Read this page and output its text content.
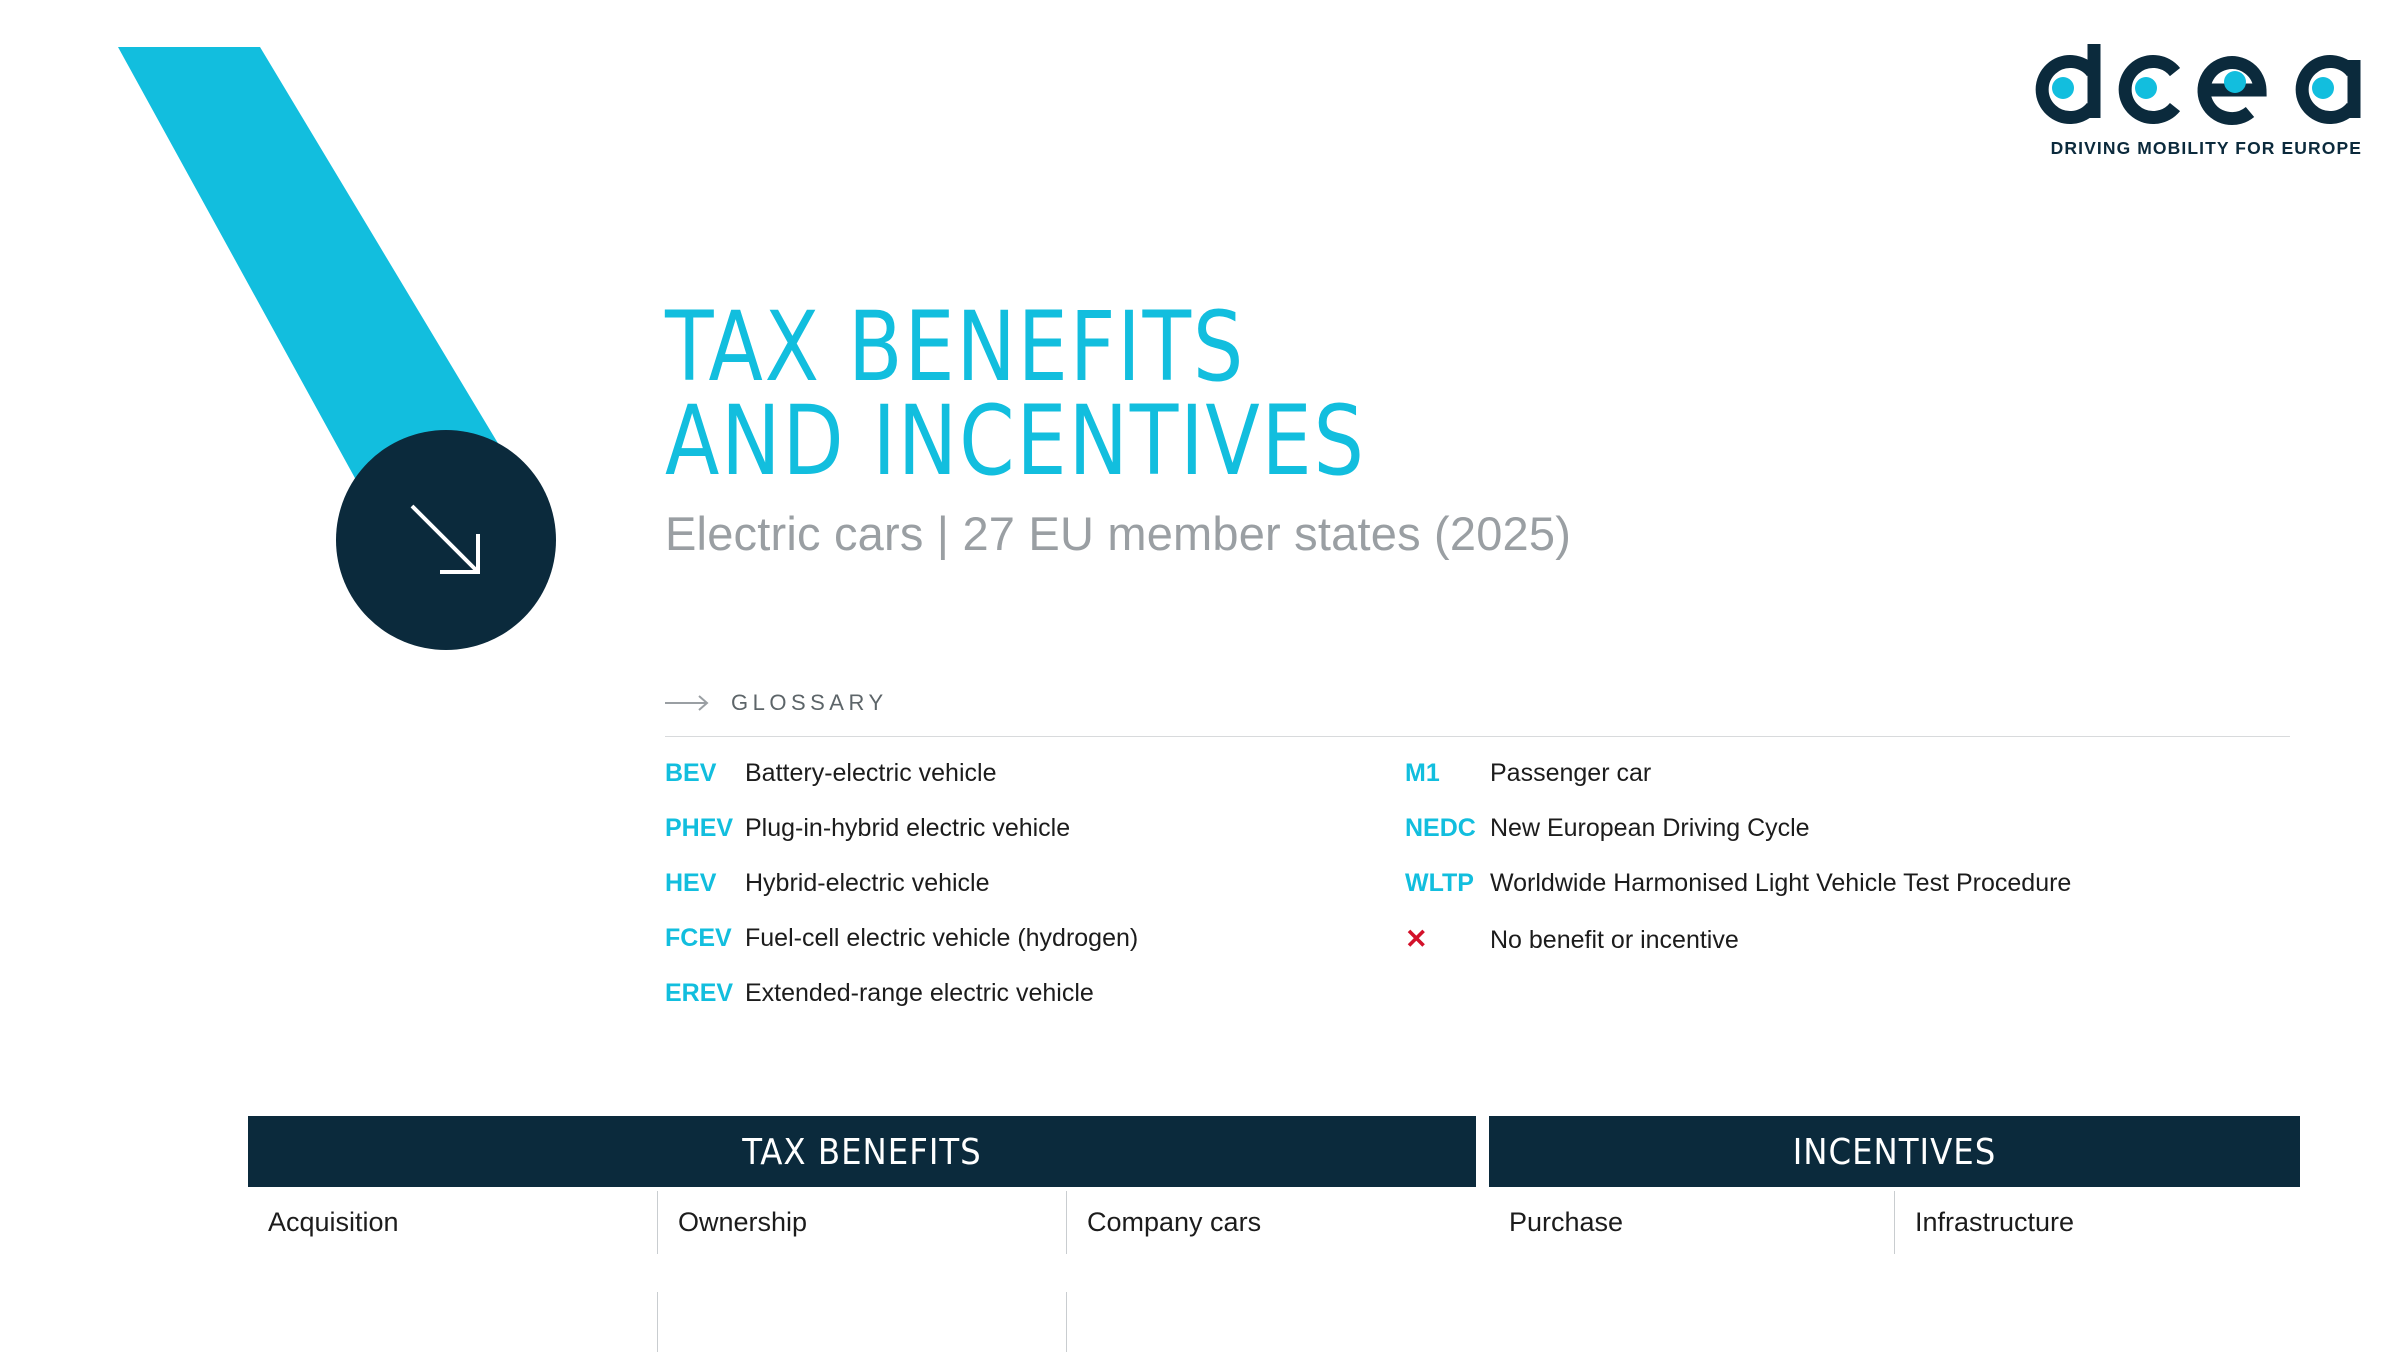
DRIVING MOBILITY FOR EUROPE
TAX BENEFITS
AND INCENTIVES
Electric cars | 27 EU member states (2025)
GLOSSARY
BEV	Battery-electric vehicle
PHEV Plug-in-hybrid electric vehicle
HEV	Hybrid-electric vehicle
FCEV Fuel-cell electric vehicle (hydrogen)
EREV Extended-range electric vehicle
M1	Passenger car
NEDC New European Driving Cycle
WLTP Worldwide Harmonised Light Vehicle Test Procedure
✕	No benefit or incentive
TAX BENEFITS	INCENTIVES
Acquisition	Ownership	Company cars	Purchase	Infrastructure
